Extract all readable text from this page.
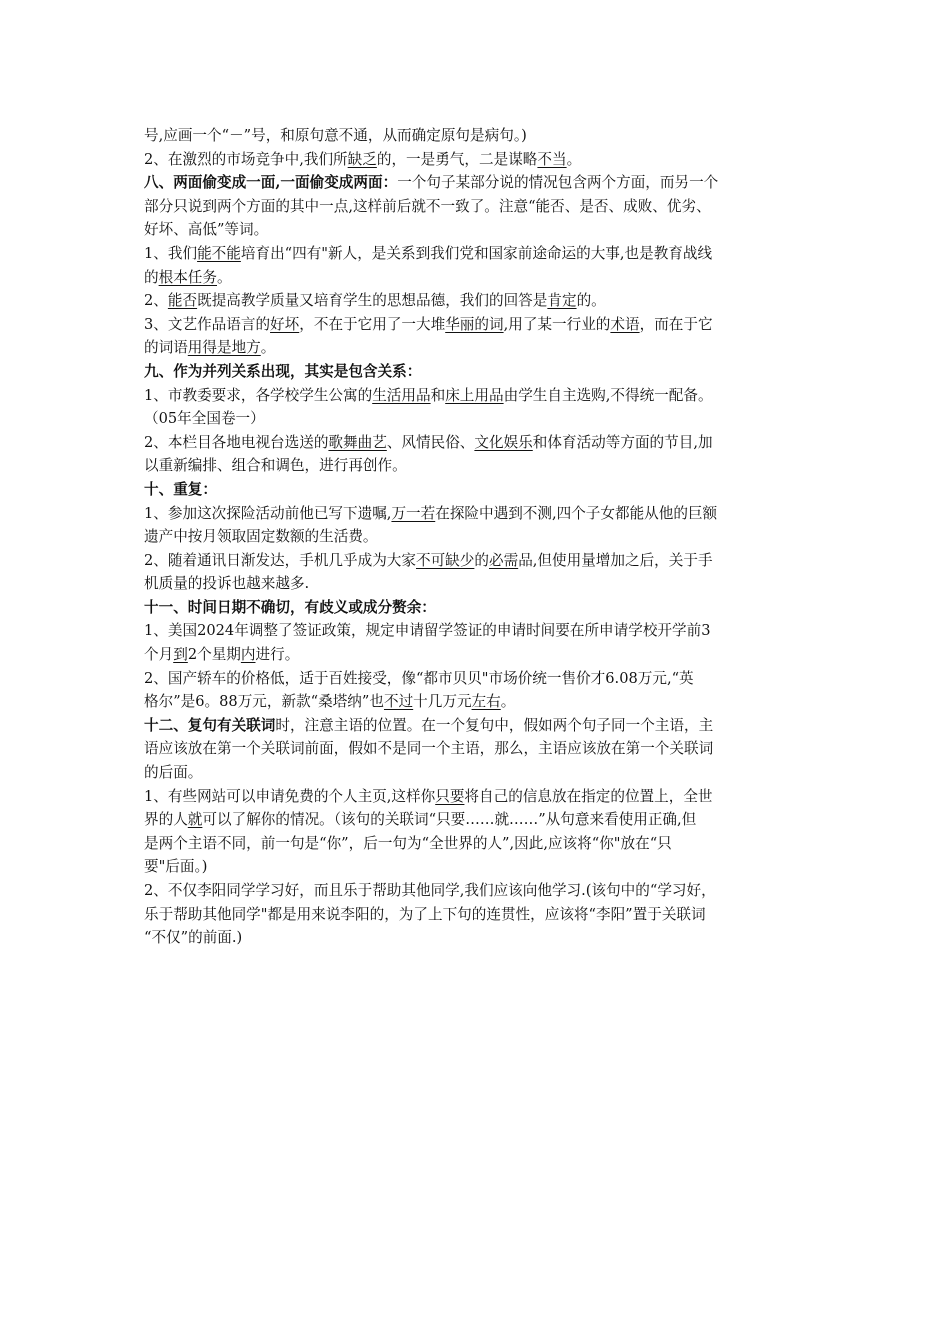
号,应画一个“－”号，和原句意不通，从而确定原句是病句。)
2、在激烈的市场竞争中,我们所缺乏的，一是勇气，二是谋略不当。
八、两面偷变成一面,一面偷变成两面：一个句子某部分说的情况包含两个方面，而另一个
部分只说到两个方面的其中一点,这样前后就不一致了。注意“能否、是否、成败、优劣、
好坏、高低”等词。
1、我们能不能培育出“四有"新人，是关系到我们党和国家前途命运的大事,也是教育战线
的根本任务。
2、能否既提高教学质量又培育学生的思想品德，我们的回答是肯定的。
3、文艺作品语言的好坏，不在于它用了一大堆华丽的词,用了某一行业的术语，而在于它
的词语用得是地方。
九、作为并列关系出现，其实是包含关系：
1、市教委要求，各学校学生公寓的生活用品和床上用品由学生自主选购,不得统一配备。
（05年全国卷一）
2、本栏目各地电视台选送的歌舞曲艺、风情民俗、文化娱乐和体育活动等方面的节目,加
以重新编排、组合和调色，进行再创作。
十、重复：
1、参加这次探险活动前他已写下遗嘱,万一若在探险中遇到不测,四个子女都能从他的巨额
遗产中按月领取固定数额的生活费。
2、随着通讯日渐发达，手机几乎成为大家不可缺少的必需品,但使用量增加之后，关于手
机质量的投诉也越来越多.
十一、时间日期不确切，有歧义或成分赘余：
1、美国2024年调整了签证政策，规定申请留学签证的申请时间要在所申请学校开学前3
个月到2个星期内进行。
2、国产轿车的价格低，适于百姓接受，像“都市贝贝"市场价统一售价才6.08万元,“英
格尔”是6。88万元，新款“桑塔纳”也不过十几万元左右。
十二、复句有关联词时，注意主语的位置。在一个复句中，假如两个句子同一个主语，主
语应该放在第一个关联词前面，假如不是同一个主语，那么，主语应该放在第一个关联词
的后面。
1、有些网站可以申请免费的个人主页,这样你只要将自己的信息放在指定的位置上，全世
界的人就可以了解你的情况。（该句的关联词“只要……就……”从句意来看使用正确,但
是两个主语不同，前一句是“你”，后一句为“全世界的人”,因此,应该将“你"放在“只
要"后面。)
2、不仅李阳同学学习好，而且乐于帮助其他同学,我们应该向他学习.(该句中的“学习好，
乐于帮助其他同学"都是用来说李阳的，为了上下句的连贯性，应该将“李阳”置于关联词
“不仅”的前面.)
